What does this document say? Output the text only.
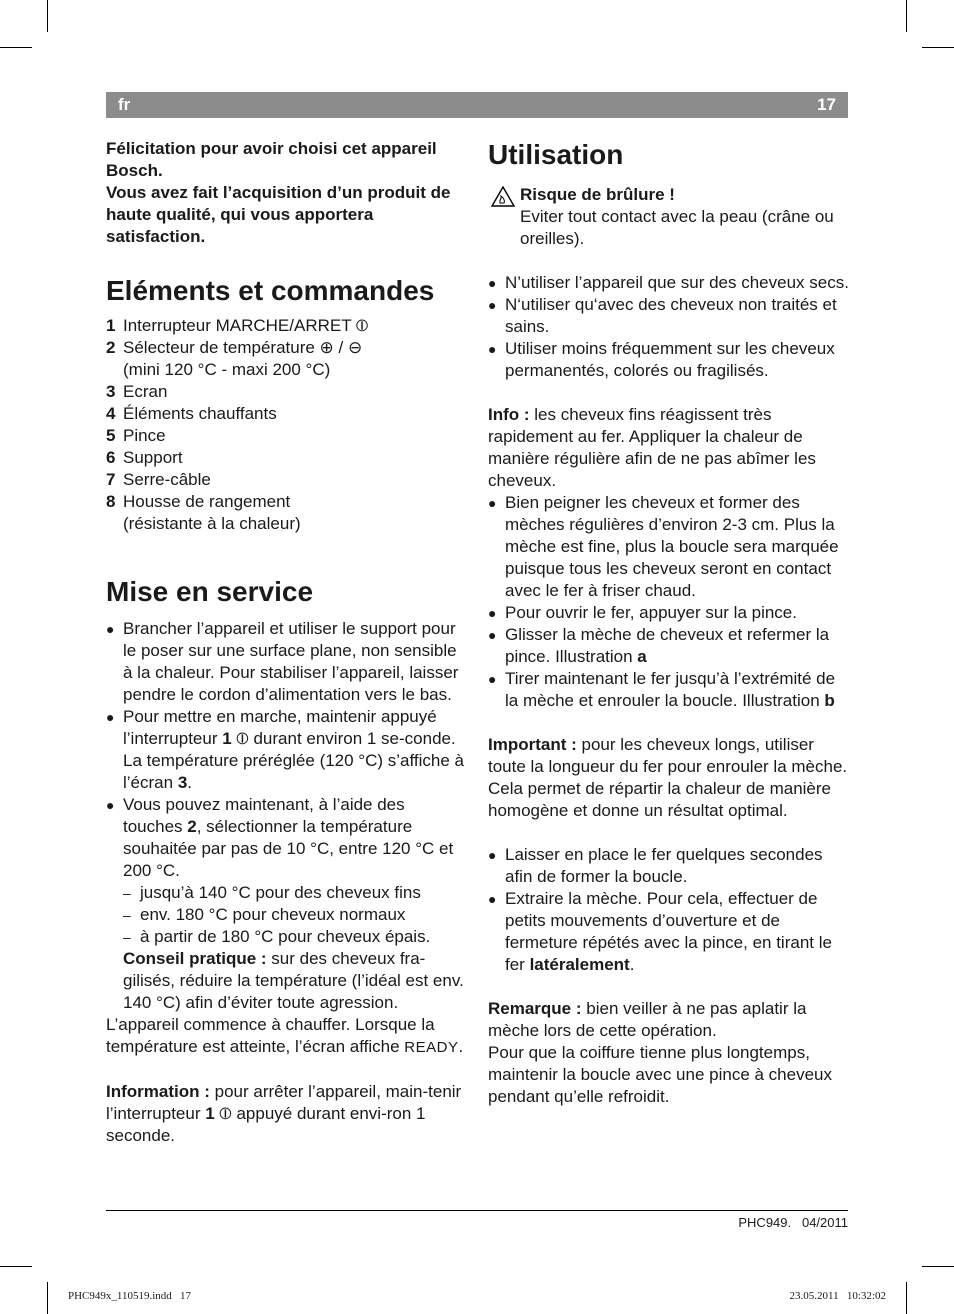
fr	17

Félicitation pour avoir choisi cet appareil Bosch.

Vous avez fait l’acquisition d’un produit de haute qualité, qui vous apportera satisfaction.

Eléments et commandes
1 Interrupteur MARCHE/ARRET ⦶
2 Sélecteur de température ⊕ / ⊖
(mini 120 °C - maxi 200 °C)
3 Ecran
4 Éléments chauffants
5 Pince
6 Support
7 Serre-câble
8 Housse de rangement
(résistante à la chaleur)
Mise en service
● Brancher l’appareil et utiliser le support pour le poser sur une surface plane, non sensible à la chaleur. Pour stabiliser l’appareil, laisser pendre le cordon d’alimentation vers le bas.
● Pour mettre en marche, maintenir appuyé l’interrupteur 1 ⦶ durant environ 1 se-conde. La température préréglée (120 °C) s’affiche à l’écran 3.
● Vous pouvez maintenant, à l’aide des touches 2, sélectionner la température souhaitée par pas de 10 °C, entre 120 °C et 200 °C.
– jusqu’à 140 °C pour des cheveux fins
– env. 180 °C pour cheveux normaux
– à partir de 180 °C pour cheveux épais.
Conseil pratique : sur des cheveux fra-gilisés, réduire la température (l’idéal est env. 140 °C) afin d’éviter toute agression.

L’appareil commence à chauffer. Lorsque la température est atteinte, l’écran affiche READY.

Information : pour arrêter l’appareil, main-tenir l’interrupteur 1 ⦶ appuyé durant envi-ron 1 seconde.

Utilisation
Risque de brûlure !
Eviter tout contact avec la peau (crâne ou oreilles).
● N’utiliser l’appareil que sur des cheveux secs.
● N‘utiliser qu‘avec des cheveux non traités et sains.
● Utiliser moins fréquemment sur les cheveux permanentés, colorés ou fragilisés.

Info : les cheveux fins réagissent très rapidement au fer. Appliquer la chaleur de manière régulière afin de ne pas abîmer les cheveux.

● Bien peigner les cheveux et former des mèches régulières d’environ 2-3 cm. Plus la mèche est fine, plus la boucle sera marquée puisque tous les cheveux seront en contact avec le fer à friser chaud.
● Pour ouvrir le fer, appuyer sur la pince.
● Glisser la mèche de cheveux et refermer la pince. Illustration a
● Tirer maintenant le fer jusqu’à l’extrémité de la mèche et enrouler la boucle. Illustration b

Important : pour les cheveux longs, utiliser toute la longueur du fer pour enrouler la mèche. Cela permet de répartir la chaleur de manière homogène et donne un résultat optimal.

● Laisser en place le fer quelques secondes afin de former la boucle.
● Extraire la mèche. Pour cela, effectuer de petits mouvements d’ouverture et de fermeture répétés avec la pince, en tirant le fer latéralement.

Remarque : bien veiller à ne pas aplatir la mèche lors de cette opération.

Pour que la coiffure tienne plus longtemps, maintenir la boucle avec une pince à cheveux pendant qu’elle refroidit.

PHC949.   04/2011
PHC949x_110519.indd   17	23.05.2011   10:32:02
